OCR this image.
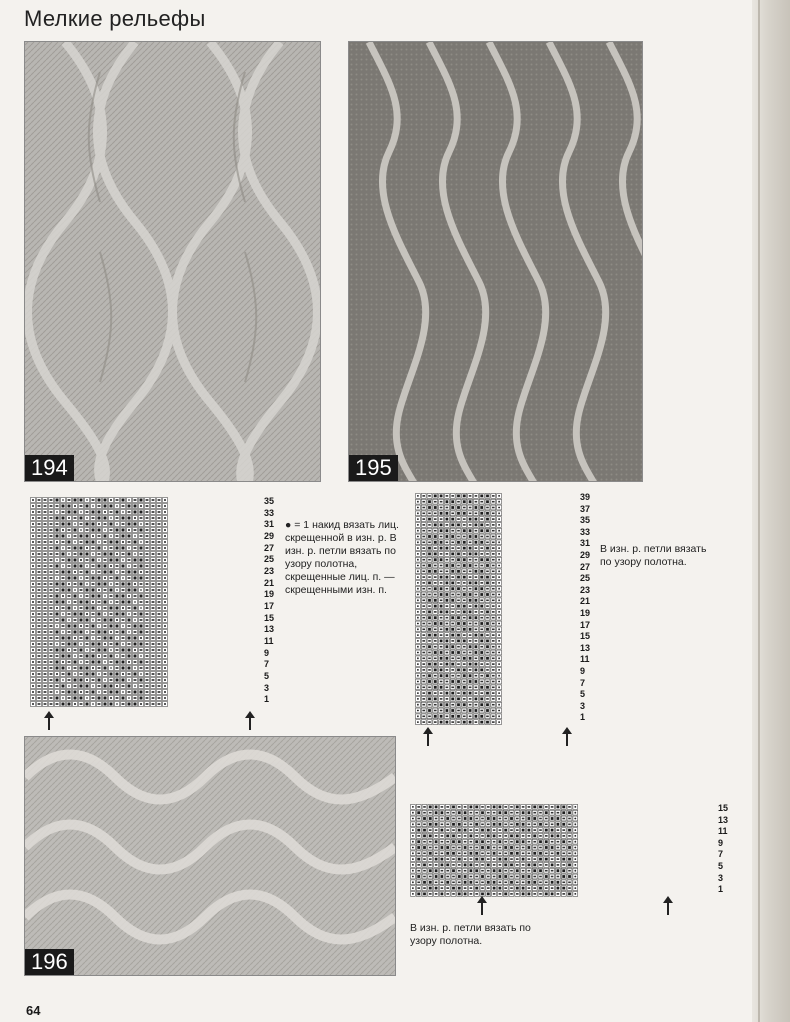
Мелкие рельефы
194	195
35
33
31
29
27
25
23
21
19
17
15
13
11
9
7
5
3
1
● = 1 накид вязать лиц. скрещенной в изн. р. В изн. р. петли вязать по узору полотна, скрещенные лиц. п. — скрещенными изн. п.
39
37
35
33
31
29
27
25
23
21
19
17
15
13
11
9
7
5
3
1
В изн. р. петли вязать по узору полотна.
196
15
13
11
9
7
5
3
1
В изн. р. петли вязать по узору полотна.
64
